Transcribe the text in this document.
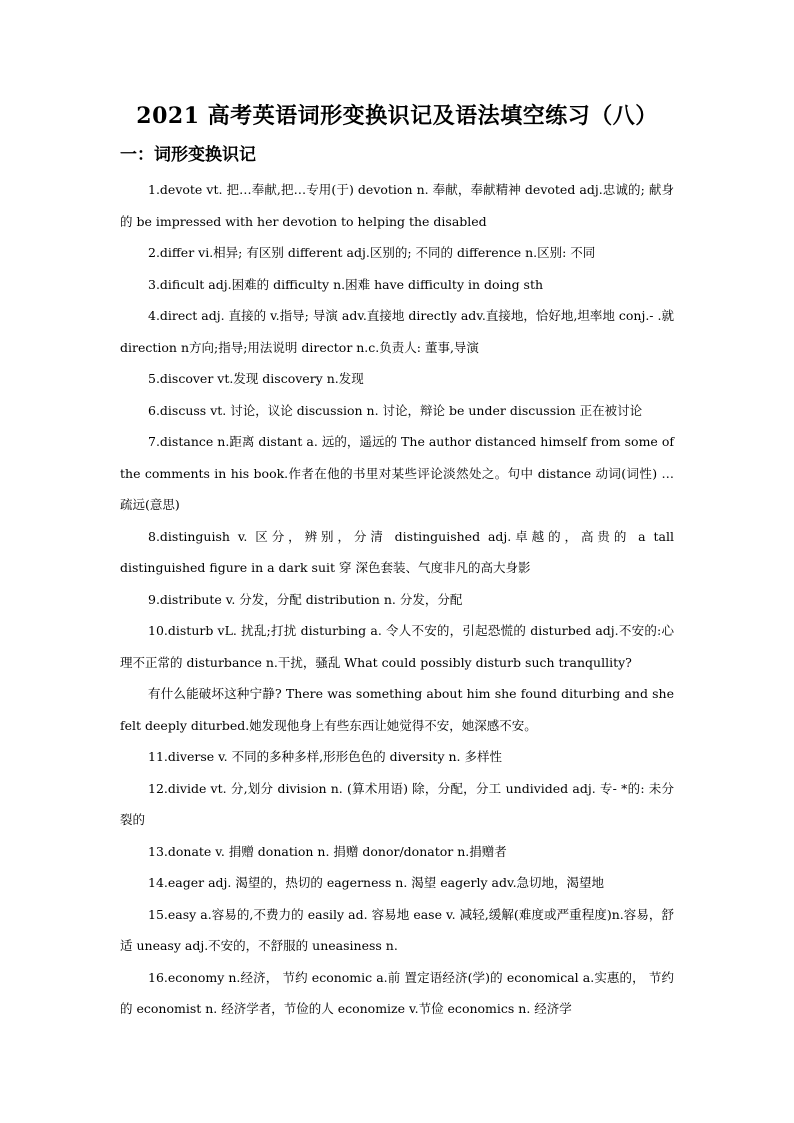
2021 高考英语词形变换识记及语法填空练习（八）
一：词形变换识记

1.devote vt. 把…奉献,把…专用(于) devotion n. 奉献，奉献精神 devoted adj.忠诚的; 献身的 be impressed with her devotion to helping the disabled

2.differ vi.相异; 有区别 different adj.区别的; 不同的 difference n.区别: 不同

3.dificult adj.困难的 difficulty n.困难 have difficulty in doing sth

4.direct adj. 直接的 v.指导; 导演 adv.直接地 directly adv.直接地，恰好地,坦率地 conj.- .就 direction n方向;指导;用法说明 director n.c.负责人: 董事,导演

5.discover vt.发现 discovery n.发现

6.discuss vt. 讨论，议论 discussion n. 讨论，辩论 be under discussion 正在被讨论

7.distance n.距离 distant a. 远的，遥远的 The author distanced himself from some of the comments in his book.作者在他的书里对某些评论淡然处之。句中 distance 动词(词性) …疏远(意思)

8.distinguish v. 区分，辨别，分清 distinguished adj.卓越的，高贵的 a tall distinguished figure in a dark suit 穿 深色套装、气度非凡的高大身影

9.distribute v. 分发，分配 distribution n. 分发，分配

10.disturb vL. 扰乱;打扰 disturbing a. 令人不安的，引起恐慌的 disturbed adj.不安的:心理不正常的 disturbance n.干扰，骚乱 What could possibly disturb such tranqullity?

有什么能破坏这种宁静? There was something about him she found diturbing and she felt deeply diturbed.她发现他身上有些东西让她觉得不安，她深感不安。

11.diverse v. 不同的多种多样,形形色色的 diversity n. 多样性

12.divide vt. 分,划分 division n. (算术用语) 除，分配，分工 undivided adj. 专- *的: 未分裂的

13.donate v. 捐赠 donation n. 捐赠 donor/donator n.捐赠者

14.eager adj. 渴望的，热切的 eagerness n. 渴望 eagerly adv.急切地，渴望地

15.easy a.容易的,不费力的 easily ad. 容易地 ease v. 减轻,缓解(难度或严重程度)n.容易，舒适 uneasy adj.不安的，不舒服的 uneasiness n.

16.economy n.经济， 节约 economic a.前 置定语经济(学)的 economical a.实惠的， 节约的 economist n. 经济学者，节俭的人 economize v.节俭 economics n. 经济学
